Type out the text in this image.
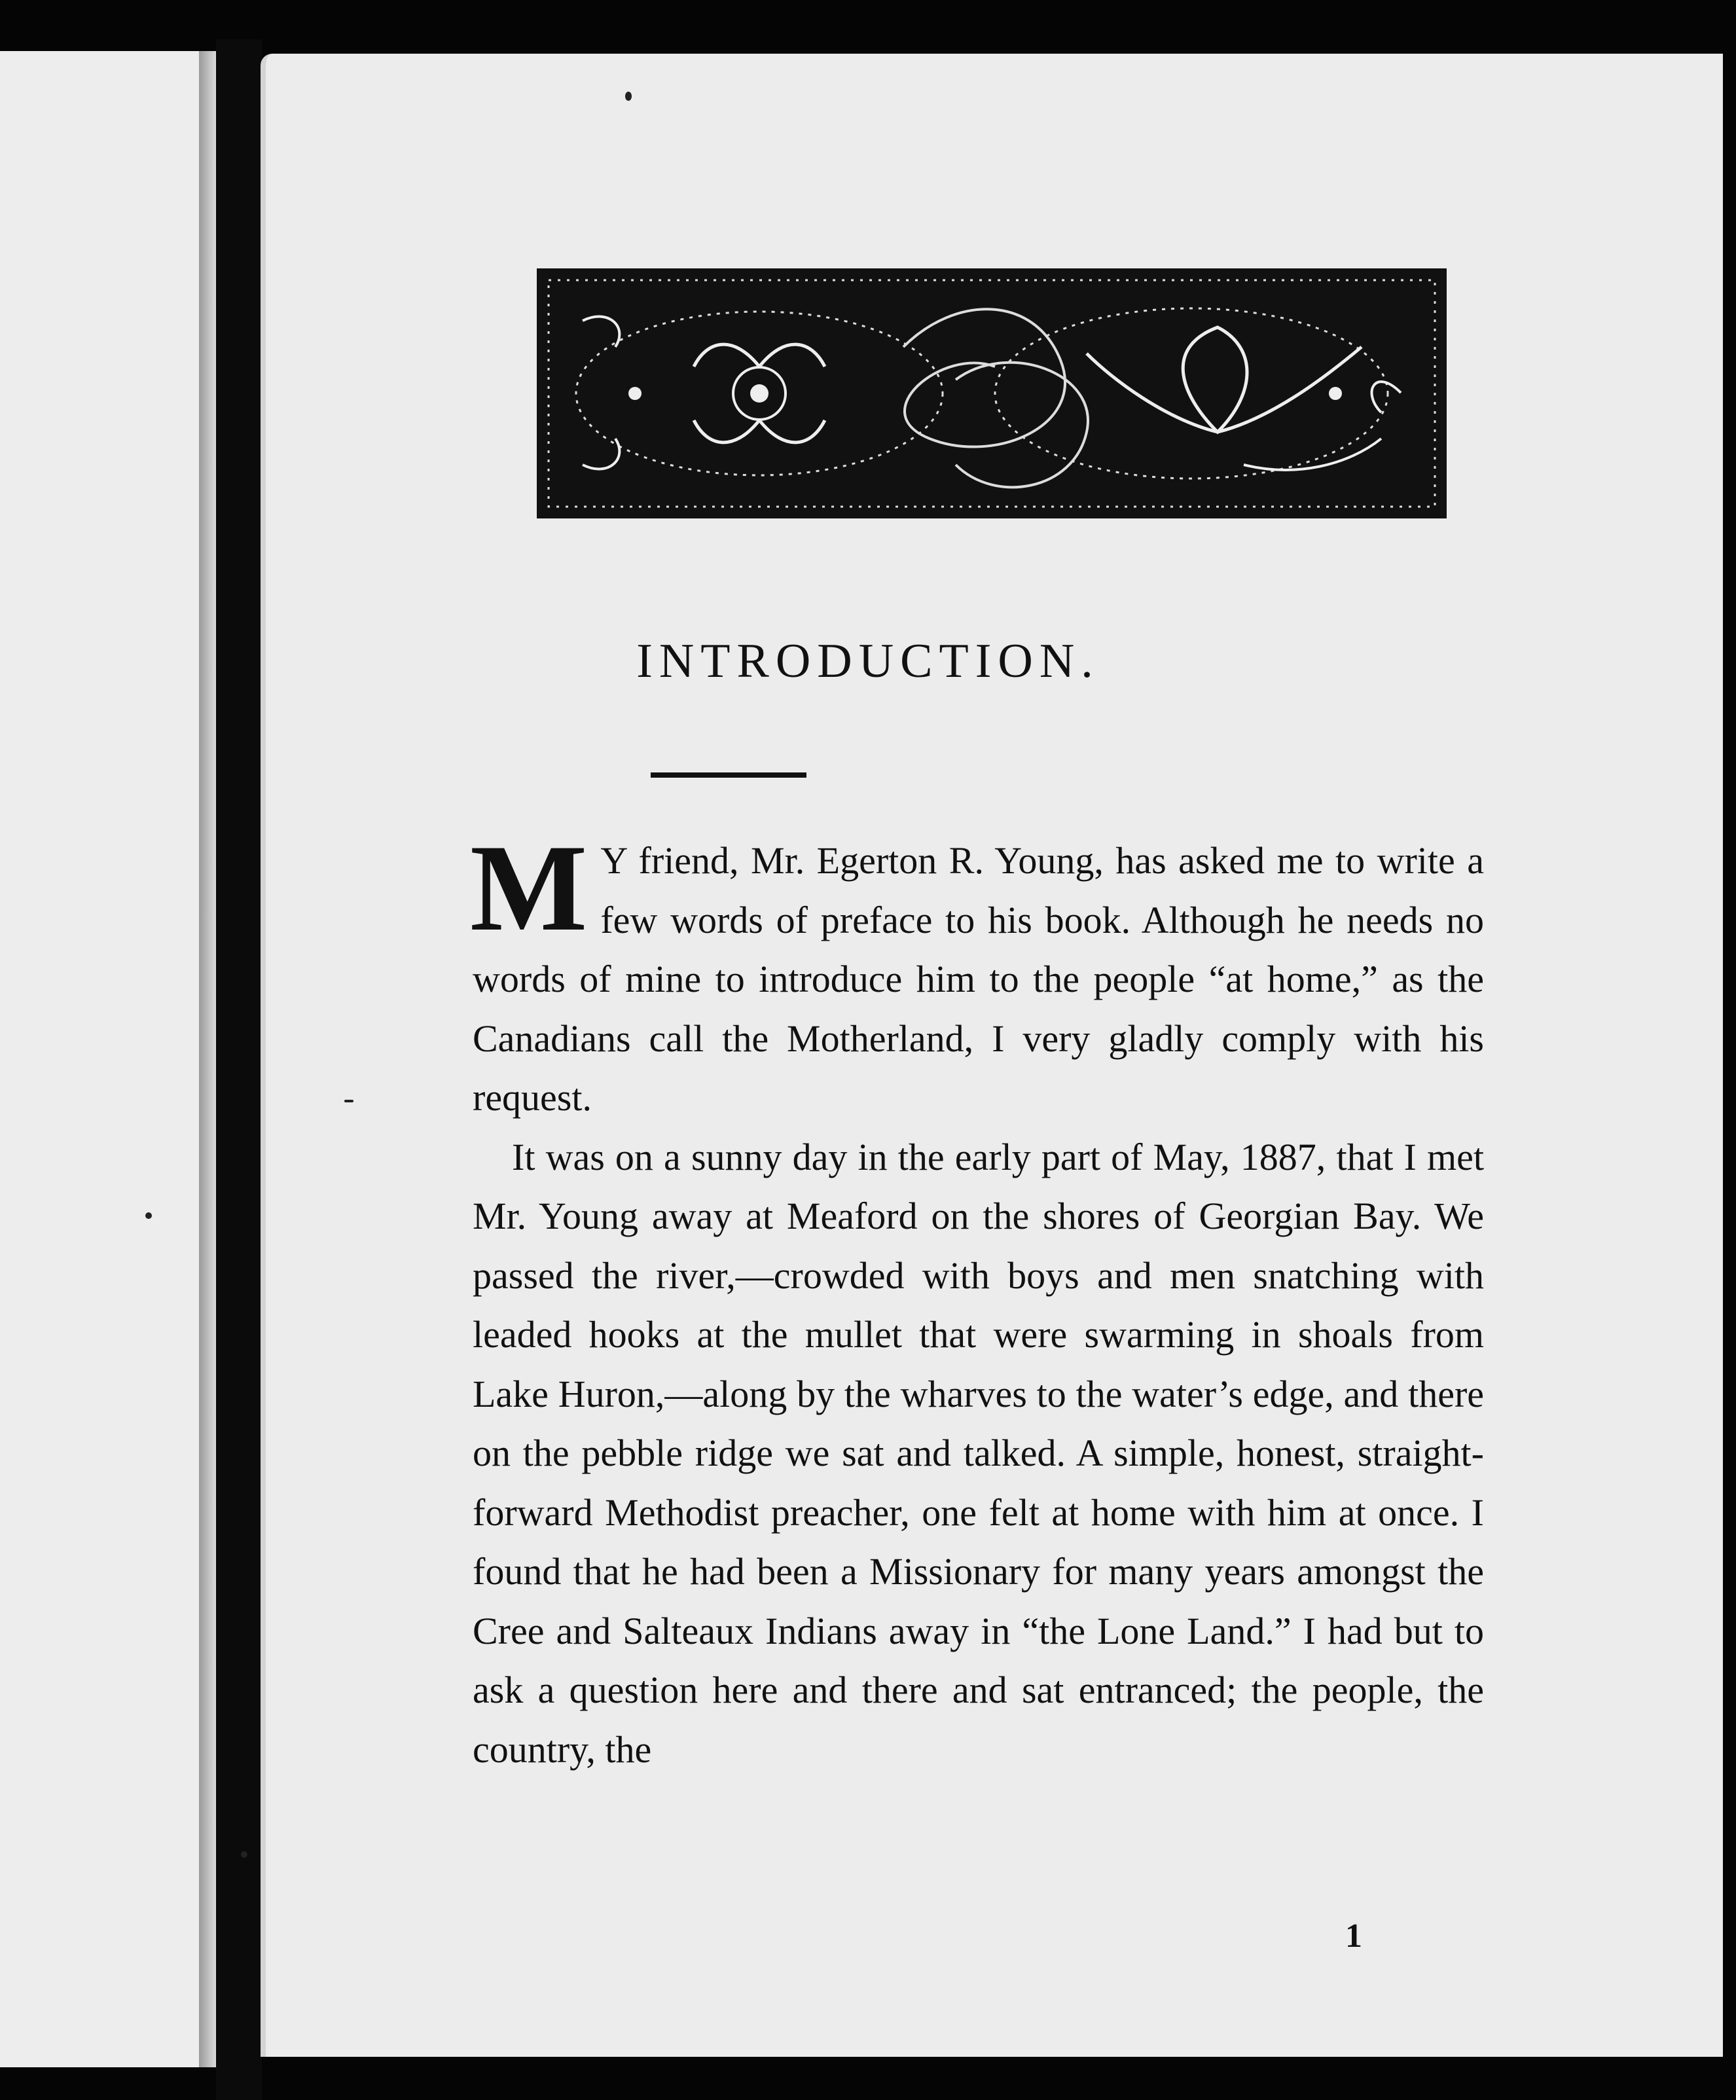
INTRODUCTION.

M Y friend, Mr. Egerton R. Young, has asked me to write a few words of preface to his book. Although he needs no words of mine to introduce him to the people “at home,” as the Canadians call the Motherland, I very gladly comply with his request.

It was on a sunny day in the early part of May, 1887, that I met Mr. Young away at Meaford on the shores of Georgian Bay. We passed the river,—crowded with boys and men snatching with leaded hooks at the mullet that were swarming in shoals from Lake Huron,—along by the wharves to the water’s edge, and there on the pebble ridge we sat and talked. A simple, honest, straight-forward Methodist preacher, one felt at home with him at once. I found that he had been a Missionary for many years amongst the Cree and Salteaux Indians away in “the Lone Land.” I had but to ask a question here and there and sat entranced; the people, the country, the

1
